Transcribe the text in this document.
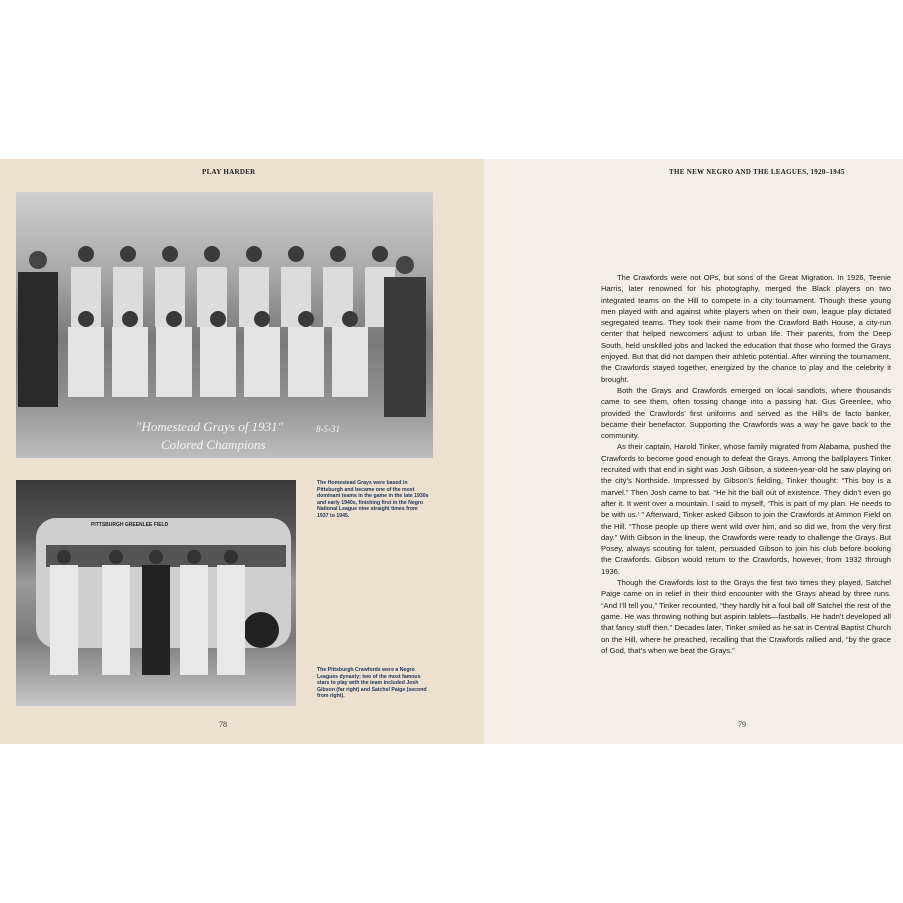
PLAY HARDER
"Homestead Grays of 1931"	8-5-31
Colored Champions
The Homestead Grays were based in Pittsburgh and became one of the most dominant teams in the game in the late 1930s and early 1940s, finishing first in the Negro National League nine straight times from 1937 to 1945.
PITTSBURGH GREENLEE FIELD
The Pittsburgh Crawfords were a Negro Leagues dynasty; two of the most famous stars to play with the team included Josh Gibson (far right) and Satchel Paige (second from right).
78
THE NEW NEGRO AND THE LEAGUES, 1920–1945

The Crawfords were not OPs, but sons of the Great Migration. In 1926, Teenie Harris, later renowned for his photography, merged the Black players on two integrated teams on the Hill to compete in a city tournament. Though these young men played with and against white players when on their own, league play dictated segregated teams. They took their name from the Crawford Bath House, a city-run center that helped newcomers adjust to urban life. Their parents, from the Deep South, held unskilled jobs and lacked the education that those who formed the Grays enjoyed. But that did not dampen their athletic potential. After winning the tournament, the Crawfords stayed together, energized by the chance to play and the celebrity it brought.

Both the Grays and Crawfords emerged on local sandlots, where thousands came to see them, often tossing change into a passing hat. Gus Greenlee, who provided the Crawfords’ first uniforms and served as the Hill’s de facto banker, became their benefactor. Supporting the Crawfords was a way he gave back to the community.

As their captain, Harold Tinker, whose family migrated from Alabama, pushed the Crawfords to become good enough to defeat the Grays. Among the ballplayers Tinker recruited with that end in sight was Josh Gibson, a sixteen-year-old he saw playing on the city’s Northside. Impressed by Gibson’s fielding, Tinker thought: “This boy is a marvel.” Then Josh came to bat. “He hit the ball out of existence. They didn’t even go after it. It went over a mountain. I said to myself, ‘This is part of my plan. He needs to be with us.’ ” Afterward, Tinker asked Gibson to join the Crawfords at Ammon Field on the Hill. “Those people up there went wild over him, and so did we, from the very first day.” With Gibson in the lineup, the Crawfords were ready to challenge the Grays. But Posey, always scouting for talent, persuaded Gibson to join his club before booking the Crawfords. Gibson would return to the Crawfords, however, from 1932 through 1936.

Though the Crawfords lost to the Grays the first two times they played, Satchel Paige came on in relief in their third encounter with the Grays ahead by three runs. “And I’ll tell you,” Tinker recounted, “they hardly hit a foul ball off Satchel the rest of the game. He was throwing nothing but aspirin tablets—fastballs. He hadn’t developed all that fancy stuff then.” Decades later, Tinker smiled as he sat in Central Baptist Church on the Hill, where he preached, recalling that the Crawfords rallied and, “by the grace of God, that’s when we beat the Grays.”

79
